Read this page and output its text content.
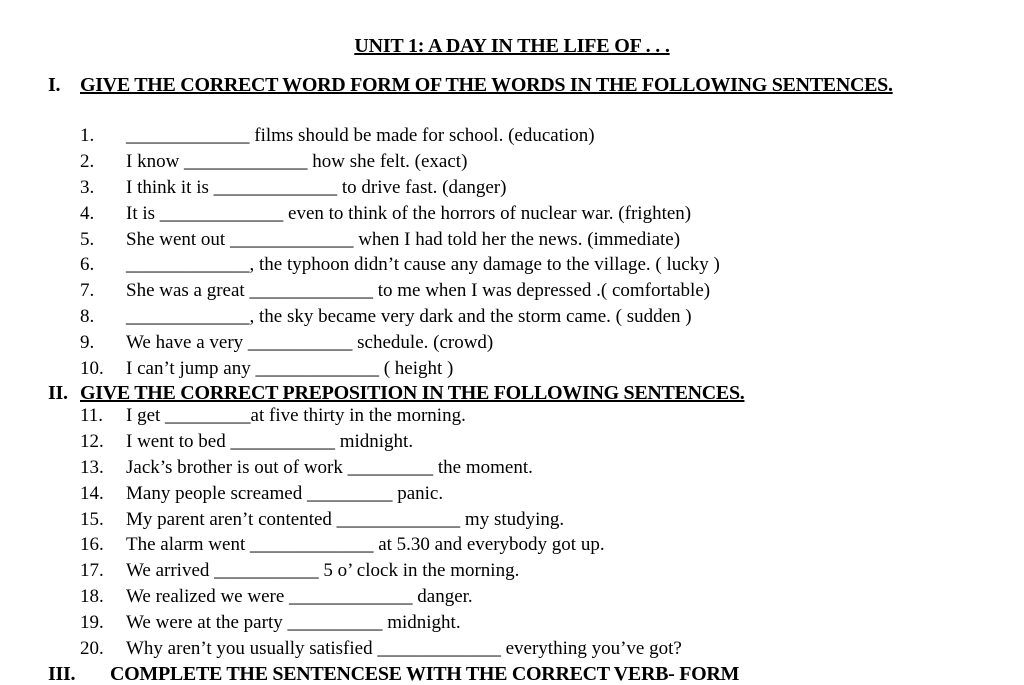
UNIT 1: A DAY IN THE LIFE OF . . .
I. GIVE THE CORRECT WORD FORM OF THE WORDS IN THE FOLLOWING SENTENCES.
1. _____________ films should be made for school. (education)
2. I know _____________ how she felt. (exact)
3. I think it is _____________ to drive fast. (danger)
4. It is _____________ even to think of the horrors of nuclear war. (frighten)
5. She went out _____________ when I had told her the news. (immediate)
6. _____________, the typhoon didn’t cause any damage to the village. ( lucky )
7. She was a great _____________ to me when I was depressed .( comfortable)
8. _____________, the sky became very dark and the storm came. ( sudden )
9. We have a very ___________ schedule. (crowd)
10. I can’t jump any _____________ ( height )
II. GIVE THE CORRECT PREPOSITION IN THE FOLLOWING SENTENCES.
11. I get _________at five thirty in the morning.
12. I went to bed ___________ midnight.
13. Jack’s brother is out of work _________ the moment.
14. Many people screamed _________ panic.
15. My parent aren’t contented _____________ my studying.
16. The alarm went _____________ at 5.30 and everybody got up.
17. We arrived ___________ 5 o’ clock in the morning.
18. We realized we were _____________ danger.
19. We were at the party __________ midnight.
20. Why aren’t you usually satisfied _____________ everything you’ve got?
III. COMPLETE THE SENTENCESE WITH THE CORRECT VERB- FORM
